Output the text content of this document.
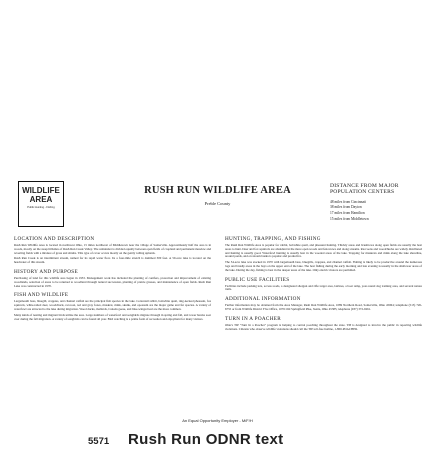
WILDLIFE
AREA
Public Hunting - Fishing
RUSH RUN WILDLIFE AREA
Preble County
DISTANCE FROM MAJOR POPULATION CENTERS
48 miles from Cincinnati
38 miles from Dayton
17 miles from Hamilton
15 miles from Middletown
LOCATION AND DESCRIPTION

Rush Run Wildlife Area is located in northwest Ohio, 15 miles northwest of Middletown near the village of Somerville. Approximately half the area is in woods, mostly on the steep hillsides of Rush Run Creek Valley. The remainder is divided equally between open fields of cropland and permanent meadow and reverting fields with a mixture of grass and shrubs. This type of cover occurs mostly on the gently rolling uplands.

Rush Run Creek is an intermittent stream, named for its rapid water flow. Its a four-mile stretch is dammed 300 feet. A 50-acre lake is located on the headwater of this stream.

HISTORY AND PURPOSE

Purchasing of land for this wildlife area began in 1953. Management work has included the planting of conifers, protection and improvement of existing woodlands, selection of areas to be returned to woodland through natural succession, planting of prairie grasses, and maintenance of open fields. Rush Run Lake was constructed in 1970.

FISH AND WILDLIFE

Largemouth bass, bluegill, crappies, and channel catfish are the principal fish species in the lake. Cottontail rabbit, bobwhite quail, ring-necked pheasant, fox squirrels, white-tailed deer, woodchuck, raccoon, red and gray foxes, muskrat, mink, skunk, and opossum are the major game and fur species. A variety of waterfowl are attracted to the lake during migration. Wood ducks, mallards, Canada geese, and blue-winged teal are the more common.

Many kinds of nesting and migrant birds utilize the area. Large numbers of waterfowl and songbirds migrate through in spring and fall, and tower hawks soar over during the fall migration. A variety of songbirds can be found all year. Bird watching is a prime form of recreation and enjoyment for many visitors.

HUNTING, TRAPPING, AND FISHING

The Rush Run Wildlife Area is popular for rabbit, bobwhite quail, and pheasant hunting. Thickly areas and brushrows along open fields are usually the best areas to hunt. Deer and fox squirrels are abundant in the more open woods and fencerows and along streams. Raccoons and woodchucks are widely distributed and hunting is usually good. Waterfowl hunting is usually best in the wooded areas of the lake. Trapping for muskrats and mink along the lake shoreline, around ponds, and on stream banks is popular and productive.

The 54-acre lake was stocked in 1970 with largemouth bass, bluegills, crappies, and channel catfish. Fishing is likely to be productive around the numerous logs and brushy areas in the bays on the upper end of the lake. The best fishing during the early morning and late evening is usually in the shallower areas of the lake. During the day, fishing is best in the deeper areas of the lake. Only electric motors are permitted.

PUBLIC USE FACILITIES

Facilities include parking lots, access roads, a designated shotgun and rifle target area, latrines, a boat ramp, year-round dog training area, and several nature trails.

ADDITIONAL INFORMATION

Further information may be obtained from the Area Manager, Rush Run Wildlife Area, 1089 Northern Road, Somerville, Ohio 45064; telephone (513) 726-6755 or from Wildlife District Five Office, 1076 Old Springfield Pike, Xenia, Ohio 45385; telephone (937) 372-9261.

TURN IN A POACHER

Ohio's TIP "Turn In a Poacher" program is helping to control poaching throughout the state. TIP is designed to involve the public in reporting wildlife violations. Citizens who observe wildlife violations should call the TIP toll-free hotline, 1-800-POACHER.

An Equal Opportunity Employer - M/F/H
5571 Rush Run ODNR text
